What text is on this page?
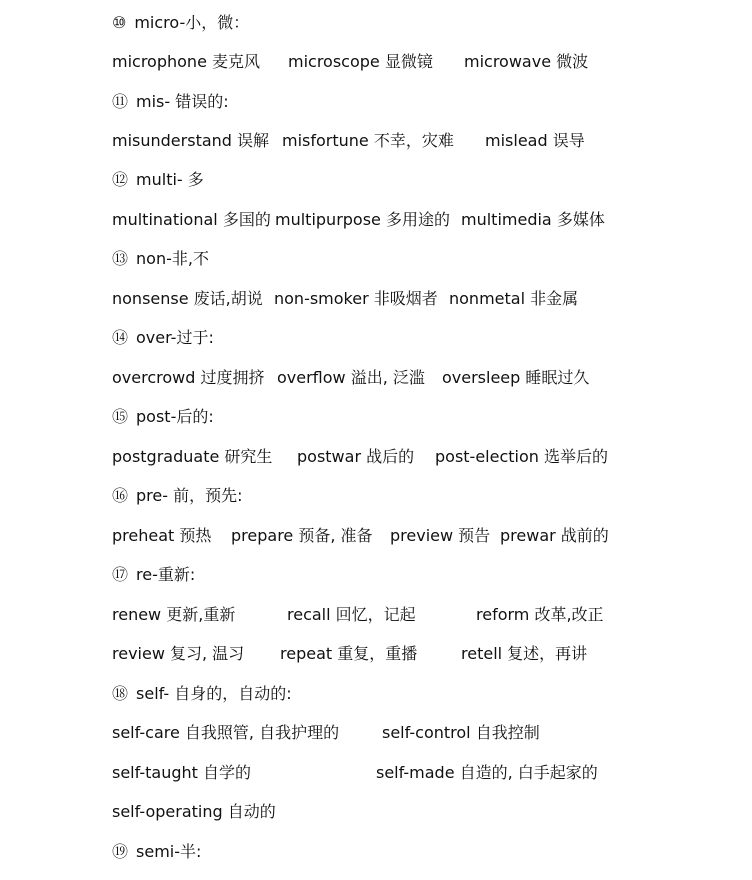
⑩ micro-小，微：
microphone 麦克风 microscope 显微镜 microwave 微波
⑪ mis- 错误的:
misunderstand 误解 misfortune 不幸，灾难 mislead 误导
⑫ multi- 多
multinational 多国的 multipurpose 多用途的 multimedia 多媒体
⑬ non-非,不
nonsense 废话,胡说 non-smoker 非吸烟者 nonmetal 非金属
⑭ over-过于:
overcrowd 过度拥挤 overflow 溢出, 泛滥 oversleep 睡眠过久
⑮ post-后的:
postgraduate 研究生 postwar 战后的 post-election 选举后的
⑯ pre- 前，预先:
preheat 预热 prepare 预备, 准备 preview 预告 prewar 战前的
⑰ re-重新:
renew 更新,重新	recall 回忆，记起	reform 改革,改正
review 复习, 温习 repeat 重复，重播	retell 复述，再讲
⑱ self- 自身的，自动的:
self-care 自我照管, 自我护理的	self-control 自我控制
self-taught 自学的	self-made 自造的, 白手起家的
self-operating 自动的
⑲ semi-半:
